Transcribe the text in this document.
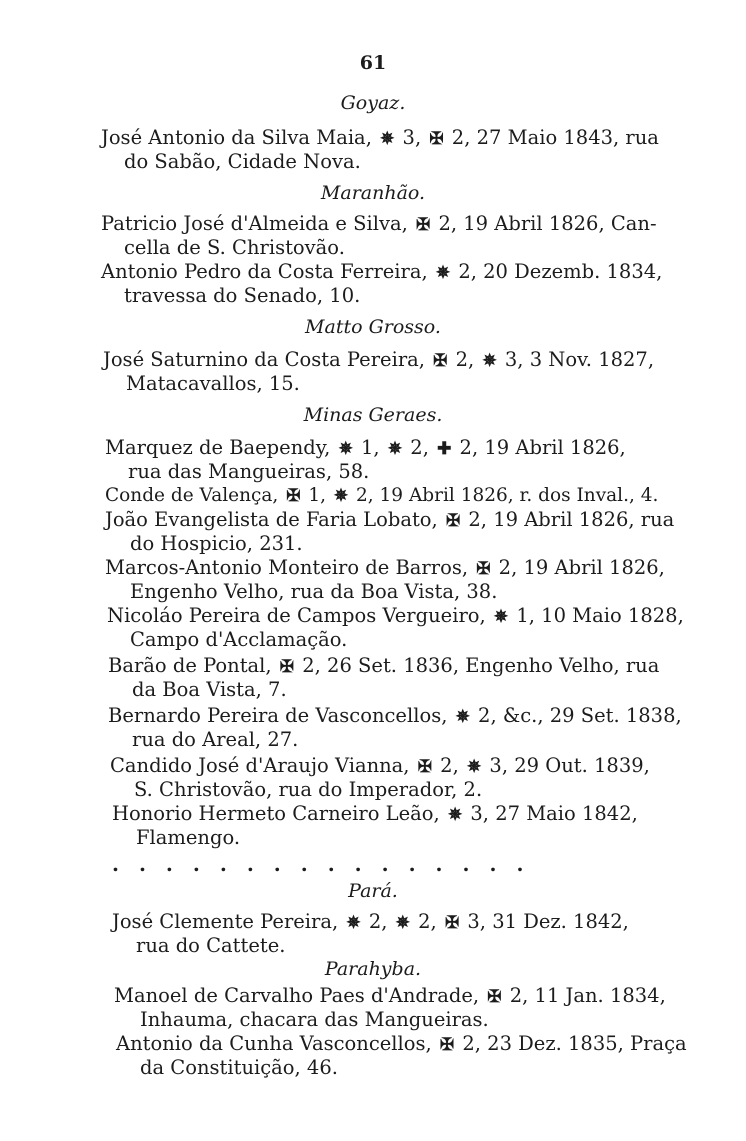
61
Goyaz.
José Antonio da Silva Maia, ✵ 3, ✠ 2, 27 Maio 1843, rua
do Sabão, Cidade Nova.
Maranhão.
Patricio José d'Almeida e Silva, ✠ 2, 19 Abril 1826, Can-
cella de S. Christovão.
Antonio Pedro da Costa Ferreira, ✵ 2, 20 Dezemb. 1834,
travessa do Senado, 10.
Matto Grosso.
José Saturnino da Costa Pereira, ✠ 2, ✵ 3, 3 Nov. 1827,
Matacavallos, 15.
Minas Geraes.
Marquez de Baependy, ✵ 1, ✵ 2, ✚ 2, 19 Abril 1826,
rua das Mangueiras, 58.
Conde de Valença, ✠ 1, ✵ 2, 19 Abril 1826, r. dos Inval., 4.
João Evangelista de Faria Lobato, ✠ 2, 19 Abril 1826, rua
do Hospicio, 231.
Marcos-Antonio Monteiro de Barros, ✠ 2, 19 Abril 1826,
Engenho Velho, rua da Boa Vista, 38.
Nicoláo Pereira de Campos Vergueiro, ✵ 1, 10 Maio 1828,
Campo d'Acclamação.
Barão de Pontal, ✠ 2, 26 Set. 1836, Engenho Velho, rua
da Boa Vista, 7.
Bernardo Pereira de Vasconcellos, ✵ 2, &c., 29 Set. 1838,
rua do Areal, 27.
Candido José d'Araujo Vianna, ✠ 2, ✵ 3, 29 Out. 1839,
S. Christovão, rua do Imperador, 2.
Honorio Hermeto Carneiro Leão, ✵ 3, 27 Maio 1842,
Flamengo.
................
Pará.
José Clemente Pereira, ✵ 2, ✵ 2, ✠ 3, 31 Dez. 1842,
rua do Cattete.
Parahyba.
Manoel de Carvalho Paes d'Andrade, ✠ 2, 11 Jan. 1834,
Inhauma, chacara das Mangueiras.
Antonio da Cunha Vasconcellos, ✠ 2, 23 Dez. 1835, Praça
da Constituição, 46.
